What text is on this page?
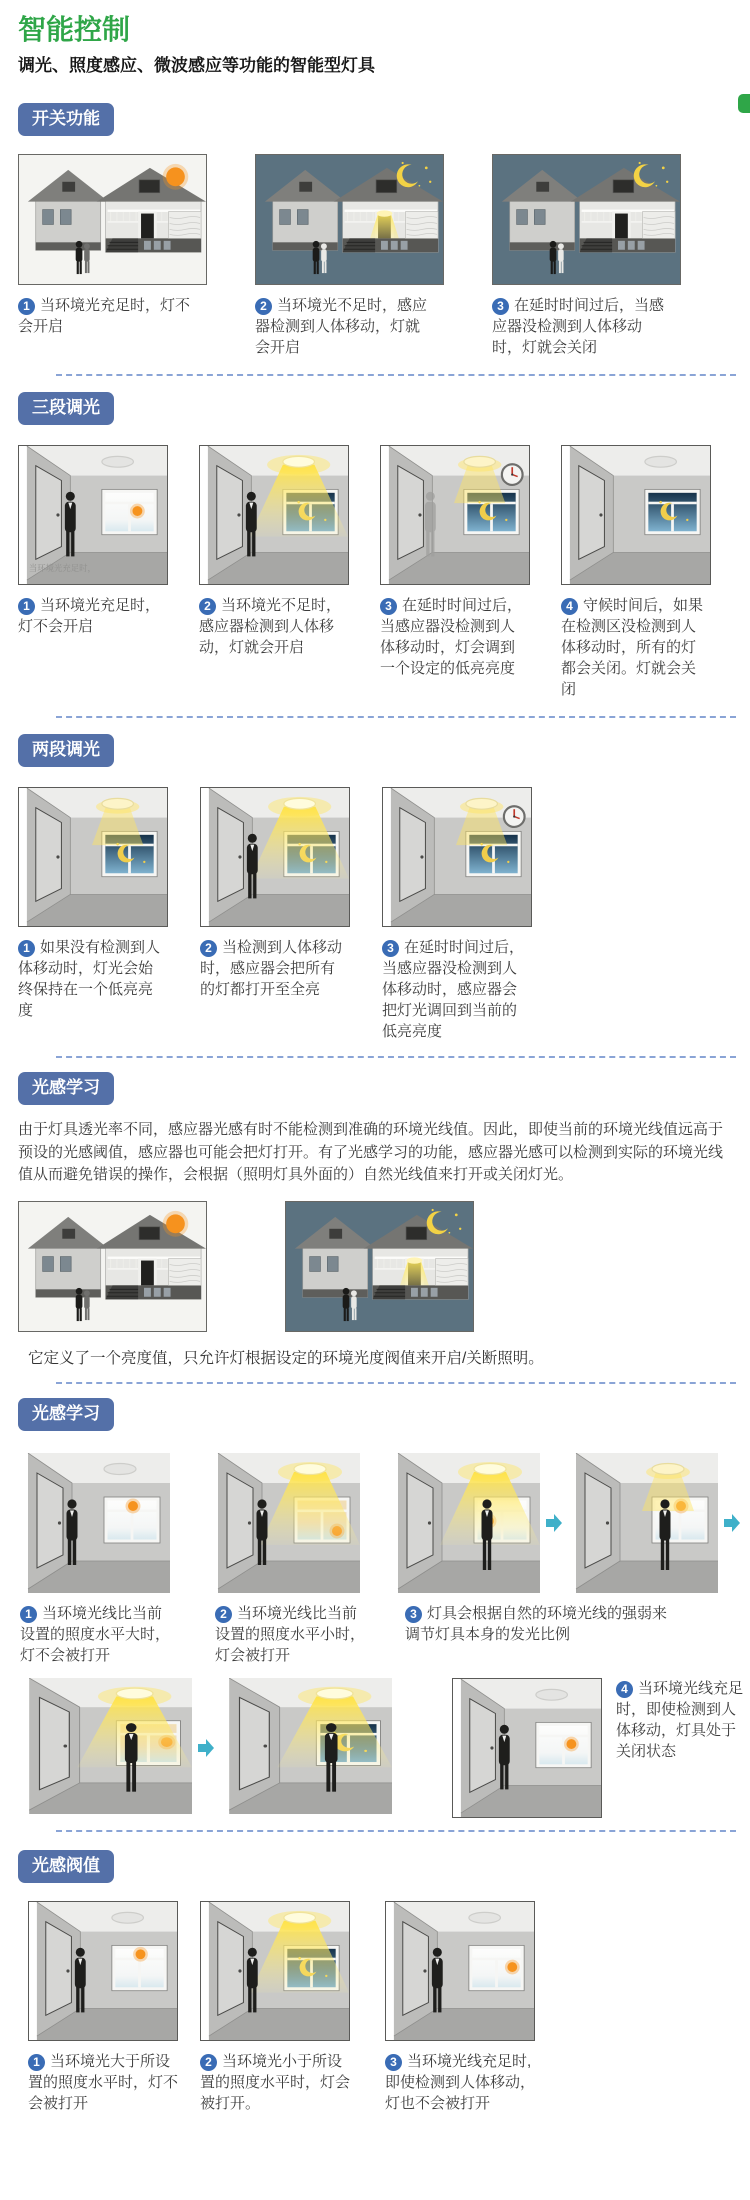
智能控制
调光、照度感应、微波感应等功能的智能型灯具
开关功能

1 当环境光充足时，灯不会开启

2 当环境光不足时，感应器检测到人体移动，灯就会开启

3 在延时时间过后，当感应器没检测到人体移动时，灯就会关闭

三段调光
当环境光充足时，

1 当环境光充足时，灯不会开启

2 当环境光不足时，感应器检测到人体移动，灯就会开启

3 在延时时间过后，当感应器没检测到人体移动时，灯会调到一个设定的低亮亮度

4 守候时间后，如果在检测区没检测到人体移动时，所有的灯都会关闭。灯就会关闭

两段调光

1 如果没有检测到人体移动时，灯光会始终保持在一个低亮亮度

2 当检测到人体移动时，感应器会把所有的灯都打开至全亮

3 在延时时间过后，当感应器没检测到人体移动时，感应器会把灯光调回到当前的低亮亮度

光感学习

由于灯具透光率不同，感应器光感有时不能检测到准确的环境光线值。因此，即使当前的环境光线值远高于预设的光感阈值，感应器也可能会把灯打开。有了光感学习的功能，感应器光感可以检测到实际的环境光线值从而避免错误的操作，会根据（照明灯具外面的）自然光线值来打开或关闭灯光。

它定义了一个亮度值，只允许灯根据设定的环境光度阀值来开启/关断照明。

光感学习

1 当环境光线比当前设置的照度水平大时，灯不会被打开

2 当环境光线比当前设置的照度水平小时，灯会被打开

3 灯具会根据自然的环境光线的强弱来调节灯具本身的发光比例

4 当环境光线充足时，即使检测到人体移动，灯具处于关闭状态

光感阀值

1 当环境光大于所设置的照度水平时，灯不会被打开

2 当环境光小于所设置的照度水平时，灯会被打开。

3 当环境光线充足时,即使检测到人体移动，灯也不会被打开
